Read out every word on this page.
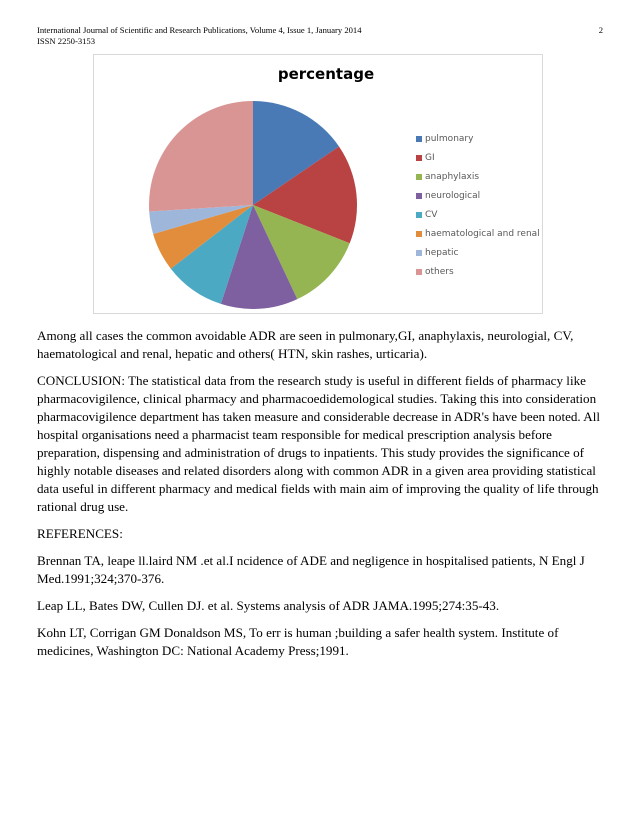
International Journal of Scientific and Research Publications, Volume 4, Issue 1, January 2014
ISSN 2250-3153
2
percentage
pulmonary
GI
anaphylaxis
neurological
CV
haematological and renal
hepatic
others

Among all cases the common avoidable ADR are seen in pulmonary,GI, anaphylaxis, neurologial, CV, haematological and renal, hepatic and others( HTN, skin rashes, urticaria).

CONCLUSION: The statistical data from the research study is useful in different fields of pharmacy like pharmacovigilence, clinical pharmacy and pharmacoedidemological studies. Taking this into consideration pharmacovigilence department has taken measure and considerable decrease in ADR's have been noted. All hospital organisations need a pharmacist team responsible for medical prescription analysis before preparation, dispensing and administration of drugs to inpatients. This study provides the significance of highly notable diseases and related disorders along with common ADR in a given area providing statistical data useful in different pharmacy and medical fields with main aim of improving the quality of life through rational drug use.

REFERENCES:

Brennan TA, leape ll.laird NM .et al.I ncidence of ADE and negligence in hospitalised patients, N Engl J Med.1991;324;370-376.

Leap LL, Bates DW, Cullen DJ. et al. Systems analysis of ADR JAMA.1995;274:35-43.

Kohn LT, Corrigan GM Donaldson MS, To err is human ;building a safer health system. Institute of medicines, Washington DC: National Academy Press;1991.
